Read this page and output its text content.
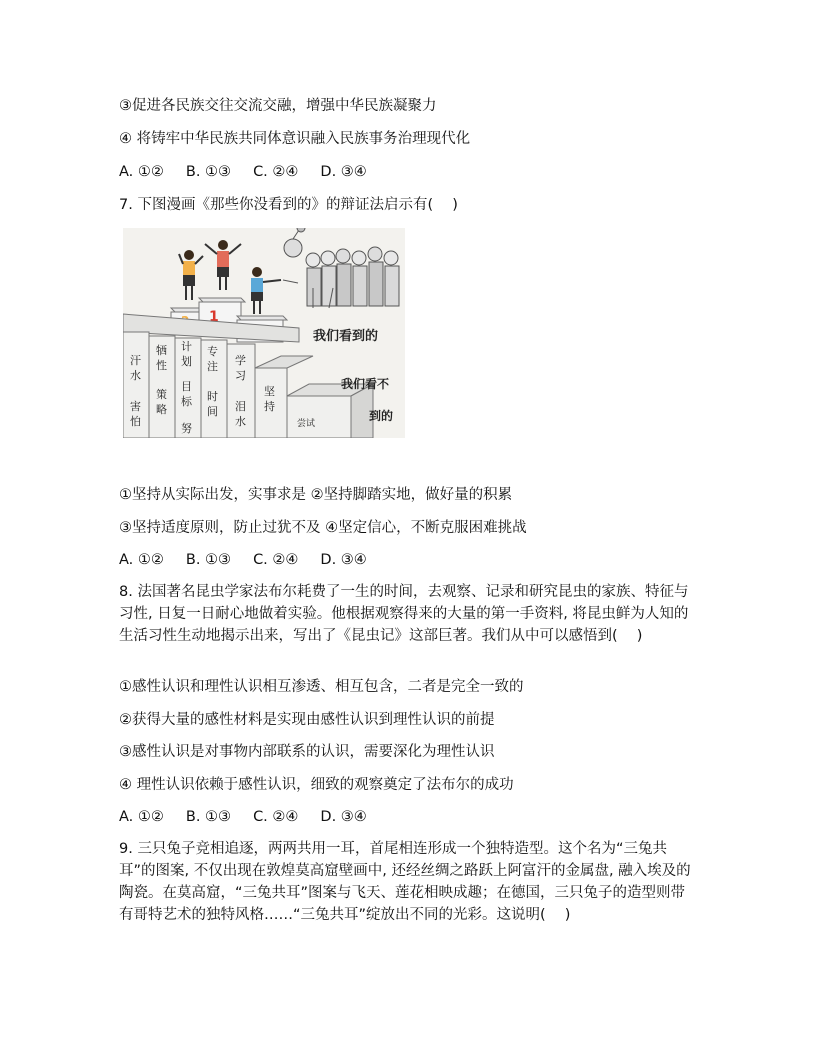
③促进各民族交往交流交融，增强中华民族凝聚力
④ 将铸牢中华民族共同体意识融入民族事务治理现代化
A. ①② B. ①③ C. ②④ D. ③④
7. 下图漫画《那些你没看到的》的辩证法启示有(　 )
1
我们看到的
汗
水
害
怕
牺
性
策
略
计
划
目
标
努
专
注
时
间
学
习
泪
水
坚
持
尝试
我们看不
到的
①坚持从实际出发，实事求是 ②坚持脚踏实地，做好量的积累
③坚持适度原则，防止过犹不及 ④坚定信心，不断克服困难挑战
A. ①② B. ①③ C. ②④ D. ③④
8. 法国著名昆虫学家法布尔耗费了一生的时间，去观察、记录和研究昆虫的家族、特征与习性, 日复一日耐心地做着实验。他根据观察得来的大量的第一手资料, 将昆虫鲜为人知的生活习性生动地揭示出来，写出了《昆虫记》这部巨著。我们从中可以感悟到(　 )
①感性认识和理性认识相互渗透、相互包含，二者是完全一致的
②获得大量的感性材料是实现由感性认识到理性认识的前提
③感性认识是对事物内部联系的认识，需要深化为理性认识
④ 理性认识依赖于感性认识，细致的观察奠定了法布尔的成功
A. ①② B. ①③ C. ②④ D. ③④
9. 三只兔子竞相追逐，两两共用一耳，首尾相连形成一个独特造型。这个名为“三兔共耳”的图案, 不仅出现在敦煌莫高窟壁画中, 还经丝绸之路跃上阿富汗的金属盘, 融入埃及的陶瓷。在莫高窟，“三兔共耳”图案与飞天、莲花相映成趣；在德国，三只兔子的造型则带有哥特艺术的独特风格……“三兔共耳”绽放出不同的光彩。这说明(　 )
